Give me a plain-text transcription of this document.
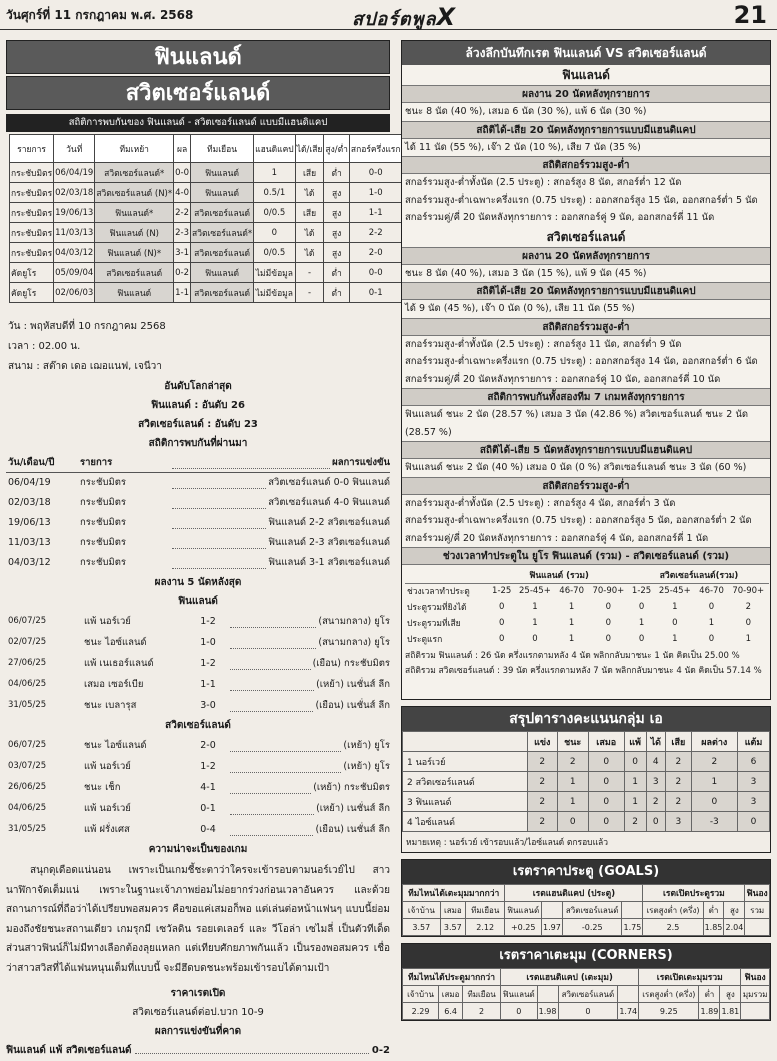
วันศุกร์ที่ 11 กรกฎาคม พ.ศ. 2568	สปอร์ตพูลX	21
ฟินแลนด์
สวิตเซอร์แลนด์
สถิติการพบกันของ ฟินแลนด์ - สวิตเซอร์แลนด์ แบบมีแฮนดิแคป
รายการ	วันที่	ทีมเหย้า	ผล	ทีมเยือน	แฮนดิแคป	ได้/เสีย	สูง/ต่ำ	สกอร์ครึ่งแรก
กระชับมิตร	06/04/19	สวิตเซอร์แลนด์*	0-0	ฟินแลนด์	1	เสีย	ต่ำ	0-0
กระชับมิตร	02/03/18	สวิตเซอร์แลนด์ (N)*	4-0	ฟินแลนด์	0.5/1	ได้	สูง	1-0
กระชับมิตร	19/06/13	ฟินแลนด์*	2-2	สวิตเซอร์แลนด์	0/0.5	เสีย	สูง	1-1
กระชับมิตร	11/03/13	ฟินแลนด์ (N)	2-3	สวิตเซอร์แลนด์*	0	ได้	สูง	2-2
กระชับมิตร	04/03/12	ฟินแลนด์ (N)*	3-1	สวิตเซอร์แลนด์	0/0.5	ได้	สูง	2-0
คัดยูโร	05/09/04	สวิตเซอร์แลนด์	0-2	ฟินแลนด์	ไม่มีข้อมูล	-	ต่ำ	0-0
คัดยูโร	02/06/03	ฟินแลนด์	1-1	สวิตเซอร์แลนด์	ไม่มีข้อมูล	-	ต่ำ	0-1
วัน : พฤหัสบดีที่ 10 กรกฎาคม 2568
เวลา : 02.00 น.
สนาม : สต๊าด เดอ เฌอแนฟ, เจนีวา
อันดับโลกล่าสุด
ฟินแลนด์ : อันดับ 26
สวิตเซอร์แลนด์ : อันดับ 23
สถิติการพบกันที่ผ่านมา
วัน/เดือน/ปี	รายการ	ผลการแข่งขัน
06/04/19	กระชับมิตร	สวิตเซอร์แลนด์ 0-0 ฟินแลนด์
02/03/18	กระชับมิตร	สวิตเซอร์แลนด์ 4-0 ฟินแลนด์
19/06/13	กระชับมิตร	ฟินแลนด์ 2-2 สวิตเซอร์แลนด์
11/03/13	กระชับมิตร	ฟินแลนด์ 2-3 สวิตเซอร์แลนด์
04/03/12	กระชับมิตร	ฟินแลนด์ 3-1 สวิตเซอร์แลนด์
ผลงาน 5 นัดหลังสุด
ฟินแลนด์
06/07/25	แพ้ นอร์เวย์	1-2	(สนามกลาง) ยูโร
02/07/25	ชนะ ไอซ์แลนด์	1-0	(สนามกลาง) ยูโร
27/06/25	แพ้ เนเธอร์แลนด์	1-2	(เยือน) กระชับมิตร
04/06/25	เสมอ เซอร์เบีย	1-1	(เหย้า) เนชั่นส์ ลีก
31/05/25	ชนะ เบลารุส	3-0	(เยือน) เนชั่นส์ ลีก
สวิตเซอร์แลนด์
06/07/25	ชนะ ไอซ์แลนด์	2-0	(เหย้า) ยูโร
03/07/25	แพ้ นอร์เวย์	1-2	(เหย้า) ยูโร
26/06/25	ชนะ เช็ก	4-1	(เหย้า) กระชับมิตร
04/06/25	แพ้ นอร์เวย์	0-1	(เหย้า) เนชั่นส์ ลีก
31/05/25	แพ้ ฝรั่งเศส	0-4	(เยือน) เนชั่นส์ ลีก
ความน่าจะเป็นของเกม
สนุกดุเดือดแน่นอน เพราะเป็นเกมชี้ชะตาว่าใครจะเข้ารอบตามนอร์เวย์ไป สาวนาฬิกาจัดเต็มแน่ เพราะในฐานะเจ้าภาพย่อมไม่อยากร่วงก่อนเวลาอันควร และด้วยสถานการณ์ที่ถือว่าได้เปรียบพอสมควร คือขอแค่เสมอก็พอ แต่เล่นต่อหน้าแฟนๆ แบบนี้ย่อมมองถึงชัยชนะสถานเดียว เกมรุกมี เซวัลดิน รอยเตเลอร์ และ วีโอล่า เซไมลี่ เป็นตัวทีเด็ด ส่วนสาวฟินน์ก็ไม่มีทางเลือกต้องลุยแหลก แต่เทียบศักยภาพกันแล้ว เป็นรองพอสมควร เชื่อว่าสาวสวิสที่ได้แฟนหนุนเต็มที่แบบนี้ จะมีฮึดบดชนะพร้อมเข้ารอบได้ตามเป้า
ราคาเรตเปิด
สวิตเซอร์แลนด์ต่อป.บวก 10-9
ผลการแข่งขันที่คาด
ฟินแลนด์ แพ้ สวิตเซอร์แลนด์	0-2
ล้วงลึกบันทึกเรต ฟินแลนด์ VS สวิตเซอร์แลนด์
ฟินแลนด์
ผลงาน 20 นัดหลังทุกรายการ
ชนะ 8 นัด (40 %), เสมอ 6 นัด (30 %), แพ้ 6 นัด (30 %)
สถิติได้-เสีย 20 นัดหลังทุกรายการแบบมีแฮนดิแคป
ได้ 11 นัด (55 %), เจ๊า 2 นัด (10 %), เสีย 7 นัด (35 %)
สถิติสกอร์รวมสูง-ต่ำ
สกอร์รวมสูง-ต่ำทั้งนัด (2.5 ประตู) : สกอร์สูง 8 นัด, สกอร์ต่ำ 12 นัด
สกอร์รวมสูง-ต่ำเฉพาะครึ่งแรก (0.75 ประตู) : ออกสกอร์สูง 15 นัด, ออกสกอร์ต่ำ 5 นัด
สกอร์รวมคู่/คี่ 20 นัดหลังทุกรายการ : ออกสกอร์คู่ 9 นัด, ออกสกอร์คี่ 11 นัด
สวิตเซอร์แลนด์
ผลงาน 20 นัดหลังทุกรายการ
ชนะ 8 นัด (40 %), เสมอ 3 นัด (15 %), แพ้ 9 นัด (45 %)
สถิติได้-เสีย 20 นัดหลังทุกรายการแบบมีแฮนดิแคป
ได้ 9 นัด (45 %), เจ๊า 0 นัด (0 %), เสีย 11 นัด (55 %)
สถิติสกอร์รวมสูง-ต่ำ
สกอร์รวมสูง-ต่ำทั้งนัด (2.5 ประตู) : สกอร์สูง 11 นัด, สกอร์ต่ำ 9 นัด
สกอร์รวมสูง-ต่ำเฉพาะครึ่งแรก (0.75 ประตู) : ออกสกอร์สูง 14 นัด, ออกสกอร์ต่ำ 6 นัด
สกอร์รวมคู่/คี่ 20 นัดหลังทุกรายการ : ออกสกอร์คู่ 10 นัด, ออกสกอร์คี่ 10 นัด
สถิติการพบกันทั้งสองทีม 7 เกมหลังทุกรายการ
ฟินแลนด์ ชนะ 2 นัด (28.57 %) เสมอ 3 นัด (42.86 %) สวิตเซอร์แลนด์ ชนะ 2 นัด (28.57 %)
สถิติได้-เสีย 5 นัดหลังทุกรายการแบบมีแฮนดิแคป
ฟินแลนด์ ชนะ 2 นัด (40 %) เสมอ 0 นัด (0 %) สวิตเซอร์แลนด์ ชนะ 3 นัด (60 %)
สถิติสกอร์รวมสูง-ต่ำ
สกอร์รวมสูง-ต่ำทั้งนัด (2.5 ประตู) : สกอร์สูง 4 นัด, สกอร์ต่ำ 3 นัด
สกอร์รวมสูง-ต่ำเฉพาะครึ่งแรก (0.75 ประตู) : ออกสกอร์สูง 5 นัด, ออกสกอร์ต่ำ 2 นัด
สกอร์รวมคู่/คี่ 20 นัดหลังทุกรายการ : ออกสกอร์คู่ 4 นัด, ออกสกอร์คี่ 1 นัด
ช่วงเวลาทำประตูใน ยูโร ฟินแลนด์ (รวม) - สวิตเซอร์แลนด์ (รวม)
	ฟินแลนด์ (รวม)				สวิตเซอร์แลนด์(รวม)			
ช่วงเวลาทำประตู	1-25	25-45+	46-70	70-90+	1-25	25-45+	46-70	70-90+
ประตูรวมที่ยิงได้	0	1	1	0	0	1	0	2
ประตูรวมที่เสีย	0	1	1	0	1	0	1	0
ประตูแรก	0	0	1	0	0	1	0	1
สถิติรวม ฟินแลนด์ : 26 นัด ครึ่งแรกตามหลัง 4 นัด พลิกกลับมาชนะ 1 นัด คิดเป็น 25.00 %
สถิติรวม สวิตเซอร์แลนด์ : 39 นัด ครึ่งแรกตามหลัง 7 นัด พลิกกลับมาชนะ 4 นัด คิดเป็น 57.14 %
สรุปตารางคะแนนกลุ่ม เอ
	แข่ง	ชนะ	เสมอ	แพ้	ได้	เสีย	ผลต่าง	แต้ม
1 นอร์เวย์	2	2	0	0	4	2	2	6
2 สวิตเซอร์แลนด์	2	1	0	1	3	2	1	3
3 ฟินแลนด์	2	1	0	1	2	2	0	3
4 ไอซ์แลนด์	2	0	0	2	0	3	-3	0
หมายเหตุ : นอร์เวย์ เข้ารอบแล้ว/ไอซ์แลนด์ ตกรอบแล้ว
เรตราคาประตู (GOALS)
ทีมไหนได้เตะมุมมากกว่า			เรตแฮนดิแคป (ประตู)				เรตเปิดประตูรวม			ฟินอง
เจ้าบ้าน	เสมอ	ทีมเยือน	ฟินแลนด์		สวิตเซอร์แลนด์		เรตสูงต่ำ (ครึ่ง)	ต่ำ	สูง	รวม
3.57	3.57	2.12	+0.25	1.97	-0.25	1.75	2.5	1.85	2.04	
เรตราคาเตะมุม (CORNERS)
ทีมไหนได้ประตูมากกว่า			เรตแฮนดิแคป (เตะมุม)				เรตเปิดเตะมุมรวม			ฟินอง
เจ้าบ้าน	เสมอ	ทีมเยือน	ฟินแลนด์		สวิตเซอร์แลนด์		เรตสูงต่ำ (ครึ่ง)	ต่ำ	สูง	มุมรวม
2.29	6.4	2	0	1.98	0	1.74	9.25	1.89	1.81	
